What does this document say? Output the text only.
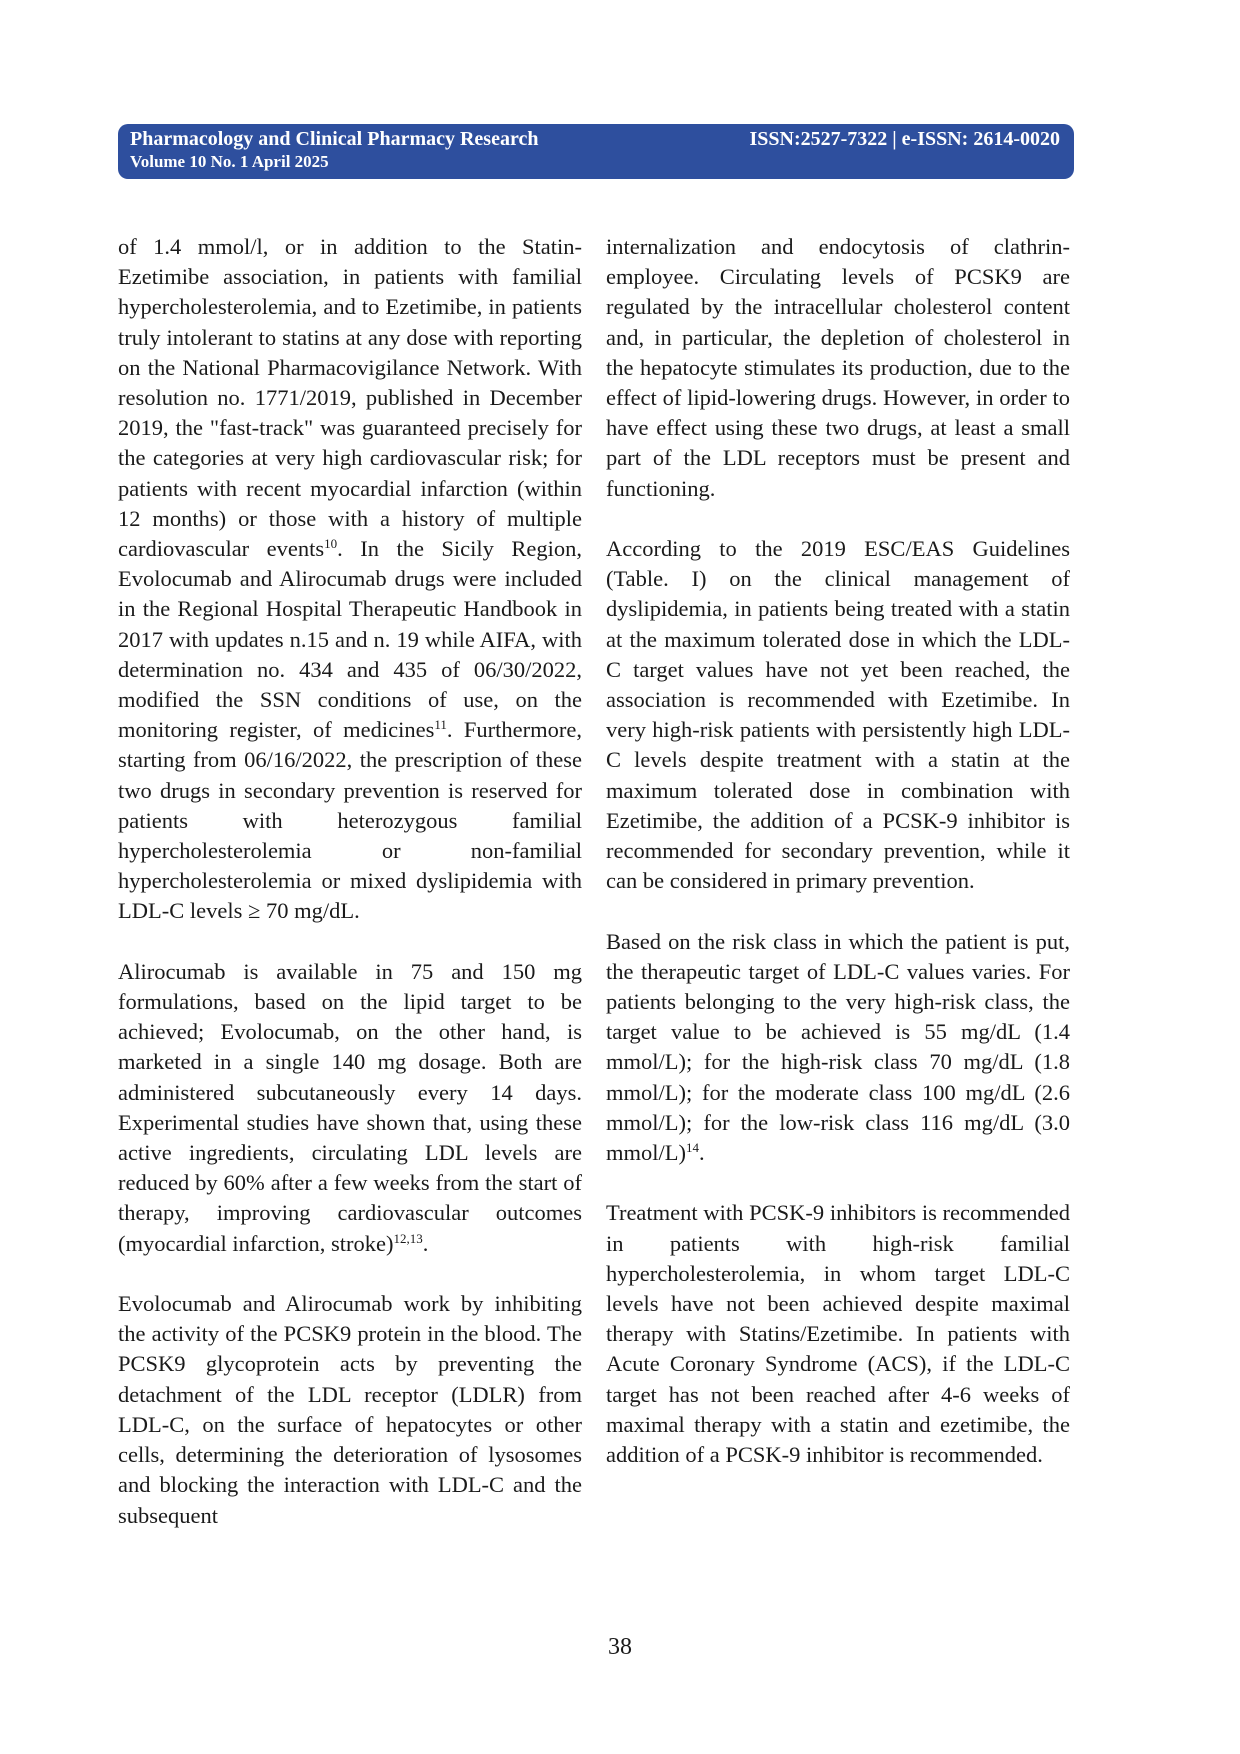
Pharmacology and Clinical Pharmacy Research
Volume 10 No. 1 April 2025
ISSN:2527-7322 | e-ISSN: 2614-0020

of 1.4 mmol/l, or in addition to the Statin-Ezetimibe association, in patients with familial hypercholesterolemia, and to Ezetimibe, in patients truly intolerant to statins at any dose with reporting on the National Pharmacovigilance Network. With resolution no. 1771/2019, published in December 2019, the "fast-track" was guaranteed precisely for the categories at very high cardiovascular risk; for patients with recent myocardial infarction (within 12 months) or those with a history of multiple cardiovascular events$^{10}$. In the Sicily Region, Evolocumab and Alirocumab drugs were included in the Regional Hospital Therapeutic Handbook in 2017 with updates n.15 and n. 19 while AIFA, with determination no. 434 and 435 of 06/30/2022, modified the SSN conditions of use, on the monitoring register, of medicines$^{11}$. Furthermore, starting from 06/16/2022, the prescription of these two drugs in secondary prevention is reserved for patients with heterozygous familial hypercholesterolemia or non-familial hypercholesterolemia or mixed dyslipidemia with LDL-C levels ≥ 70 mg/dL.

Alirocumab is available in 75 and 150 mg formulations, based on the lipid target to be achieved; Evolocumab, on the other hand, is marketed in a single 140 mg dosage. Both are administered subcutaneously every 14 days. Experimental studies have shown that, using these active ingredients, circulating LDL levels are reduced by 60% after a few weeks from the start of therapy, improving cardiovascular outcomes (myocardial infarction, stroke)$^{12,13}$.

Evolocumab and Alirocumab work by inhibiting the activity of the PCSK9 protein in the blood. The PCSK9 glycoprotein acts by preventing the detachment of the LDL receptor (LDLR) from LDL-C, on the surface of hepatocytes or other cells, determining the deterioration of lysosomes and blocking the interaction with LDL-C and the subsequent

internalization and endocytosis of clathrin-employee. Circulating levels of PCSK9 are regulated by the intracellular cholesterol content and, in particular, the depletion of cholesterol in the hepatocyte stimulates its production, due to the effect of lipid-lowering drugs. However, in order to have effect using these two drugs, at least a small part of the LDL receptors must be present and functioning.

According to the 2019 ESC/EAS Guidelines (Table. I) on the clinical management of dyslipidemia, in patients being treated with a statin at the maximum tolerated dose in which the LDL-C target values have not yet been reached, the association is recommended with Ezetimibe. In very high-risk patients with persistently high LDL-C levels despite treatment with a statin at the maximum tolerated dose in combination with Ezetimibe, the addition of a PCSK-9 inhibitor is recommended for secondary prevention, while it can be considered in primary prevention.

Based on the risk class in which the patient is put, the therapeutic target of LDL-C values varies. For patients belonging to the very high-risk class, the target value to be achieved is 55 mg/dL (1.4 mmol/L); for the high-risk class 70 mg/dL (1.8 mmol/L); for the moderate class 100 mg/dL (2.6 mmol/L); for the low-risk class 116 mg/dL (3.0 mmol/L)$^{14}$.

Treatment with PCSK-9 inhibitors is recommended in patients with high-risk familial hypercholesterolemia, in whom target LDL-C levels have not been achieved despite maximal therapy with Statins/Ezetimibe. In patients with Acute Coronary Syndrome (ACS), if the LDL-C target has not been reached after 4-6 weeks of maximal therapy with a statin and ezetimibe, the addition of a PCSK-9 inhibitor is recommended.

38
